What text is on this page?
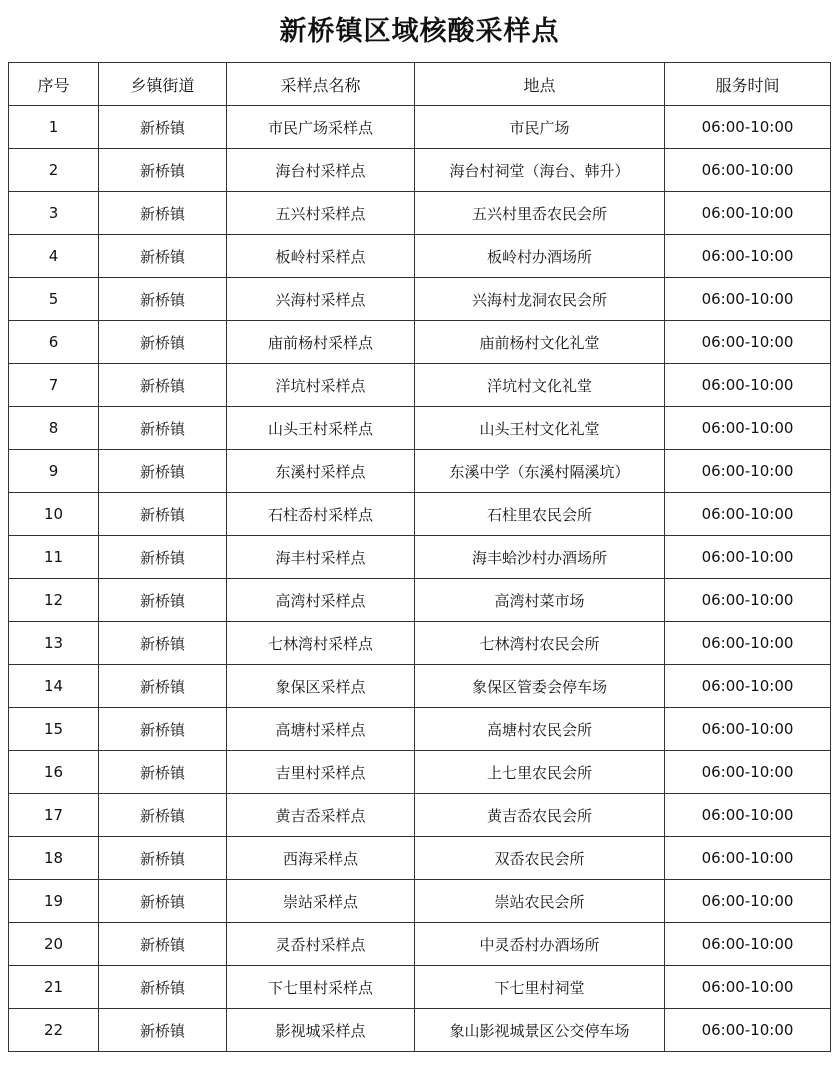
新桥镇区域核酸采样点
序号	乡镇街道	采样点名称	地点	服务时间
1	新桥镇	市民广场采样点	市民广场	06:00-10:00
2	新桥镇	海台村采样点	海台村祠堂（海台、韩升）	06:00-10:00
3	新桥镇	五兴村采样点	五兴村里岙农民会所	06:00-10:00
4	新桥镇	板岭村采样点	板岭村办酒场所	06:00-10:00
5	新桥镇	兴海村采样点	兴海村龙洞农民会所	06:00-10:00
6	新桥镇	庙前杨村采样点	庙前杨村文化礼堂	06:00-10:00
7	新桥镇	洋坑村采样点	洋坑村文化礼堂	06:00-10:00
8	新桥镇	山头王村采样点	山头王村文化礼堂	06:00-10:00
9	新桥镇	东溪村采样点	东溪中学（东溪村隔溪坑）	06:00-10:00
10	新桥镇	石柱岙村采样点	石柱里农民会所	06:00-10:00
11	新桥镇	海丰村采样点	海丰蛤沙村办酒场所	06:00-10:00
12	新桥镇	高湾村采样点	高湾村菜市场	06:00-10:00
13	新桥镇	七林湾村采样点	七林湾村农民会所	06:00-10:00
14	新桥镇	象保区采样点	象保区管委会停车场	06:00-10:00
15	新桥镇	高塘村采样点	高塘村农民会所	06:00-10:00
16	新桥镇	吉里村采样点	上七里农民会所	06:00-10:00
17	新桥镇	黄吉岙采样点	黄吉岙农民会所	06:00-10:00
18	新桥镇	西海采样点	双岙农民会所	06:00-10:00
19	新桥镇	崇站采样点	崇站农民会所	06:00-10:00
20	新桥镇	灵岙村采样点	中灵岙村办酒场所	06:00-10:00
21	新桥镇	下七里村采样点	下七里村祠堂	06:00-10:00
22	新桥镇	影视城采样点	象山影视城景区公交停车场	06:00-10:00
